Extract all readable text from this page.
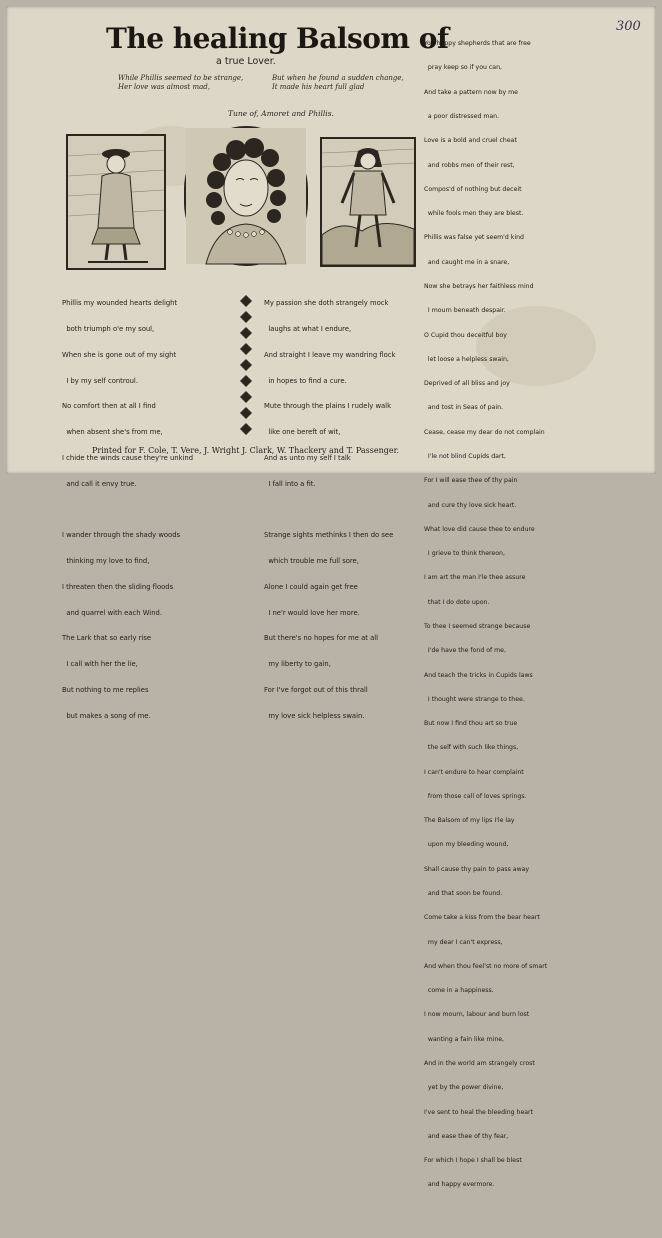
300
The healing Balsom of
a true Lover.
While Phillis seemed to be strange,
Her love was almost mad,
But when he found a sudden change,
It made his heart full glad
Tune of, Amoret and Phillis.

Phillis my wounded hearts delight

both triumph o'e my soul,

When she is gone out of my sight

I by my self controul.

No comfort then at all I find

when absent she's from me,

I chide the winds cause they're unkind

and call it envy true.

I wander through the shady woods

thinking my love to find,

I threaten then the sliding floods

and quarrel with each Wind.

The Lark that so early rise

I call with her the lie,

But nothing to me replies

but makes a song of me.

My passion she doth strangely mock

laughs at what I endure,

And straight I leave my wandring flock

in hopes to find a cure.

Mute through the plains I rudely walk

like one bereft of wit,

And as unto my self I talk

I fall into a fit.

Strange sights methinks I then do see

which trouble me full sore,

Alone I could again get free

I ne'r would love her more.

But there's no hopes for me at all

my liberty to gain,

For I've forgot out of this thrall

my love sick helpless swain.

You happy shepherds that are free

pray keep so if you can,

And take a pattern now by me

a poor distressed man.

Love is a bold and cruel cheat

and robbs men of their rest,

Compos'd of nothing but deceit

while fools men they are blest.

Phillis was false yet seem'd kind

and caught me in a snare,

Now she betrays her faithless mind

I mourn beneath despair.

O Cupid thou deceitful boy

let loose a helpless swain,

Deprived of all bliss and joy

and tost in Seas of pain.

Cease, cease my dear do not complain

I'le not blind Cupids dart,

For I will ease thee of thy pain

and cure thy love sick heart.

What love did cause thee to endure

I grieve to think thereon,

I am art the man I'le thee assure

that I do dote upon.

To thee I seemed strange because

I'de have the fond of me,

And teach the tricks in Cupids laws

I thought were strange to thee.

But now I find thou art so true

the self with such like things,

I can't endure to hear complaint

from those call of loves springs.

The Balsom of my lips I'le lay

upon my bleeding wound,

Shall cause thy pain to pass away

and that soon be found.

Come take a kiss from the bear heart

my dear I can't express,

And when thou feel'st no more of smart

come in a happiness.

I now mourn, labour and burn lost

wanting a fain like mine,

And in the world am strangely crost

yet by the power divine,

I've sent to heal the bleeding heart

and ease thee of thy fear,

For which I hope I shall be blest

and happy evermore.

Printed for F. Cole, T. Vere, J. Wright J. Clark, W. Thackery and T. Passenger.
